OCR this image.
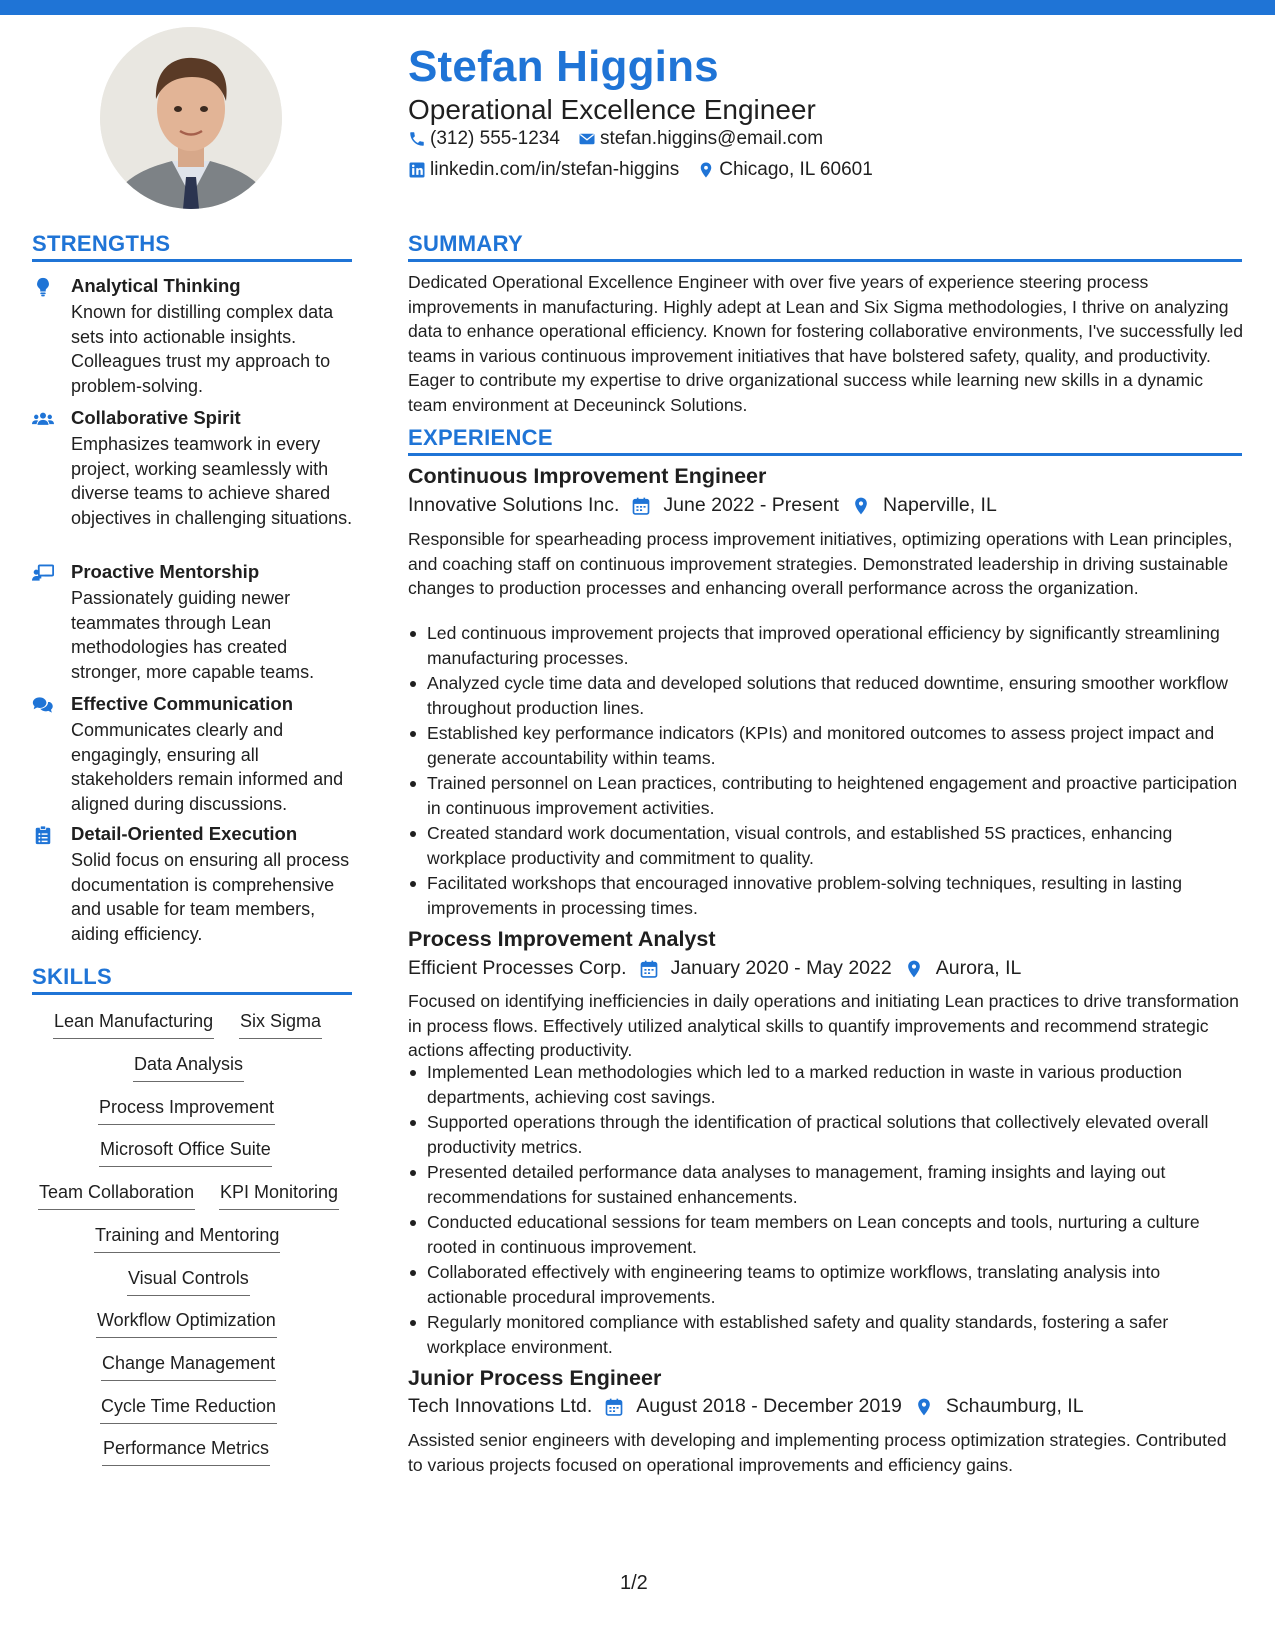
Stefan Higgins
Operational Excellence Engineer
(312) 555-1234 stefan.higgins@email.com
linkedin.com/in/stefan-higgins Chicago, IL 60601
STRENGTHS
Analytical Thinking
Known for distilling complex data sets into actionable insights. Colleagues trust my approach to problem-solving.
Collaborative Spirit
Emphasizes teamwork in every project, working seamlessly with diverse teams to achieve shared objectives in challenging situations.
Proactive Mentorship
Passionately guiding newer teammates through Lean methodologies has created stronger, more capable teams.
Effective Communication
Communicates clearly and engagingly, ensuring all stakeholders remain informed and aligned during discussions.
Detail-Oriented Execution
Solid focus on ensuring all process documentation is comprehensive and usable for team members, aiding efficiency.
SKILLS
Lean Manufacturing Six Sigma
Data Analysis
Process Improvement
Microsoft Office Suite
Team Collaboration KPI Monitoring
Training and Mentoring
Visual Controls
Workflow Optimization
Change Management
Cycle Time Reduction
Performance Metrics
SUMMARY
Dedicated Operational Excellence Engineer with over five years of experience steering process improvements in manufacturing. Highly adept at Lean and Six Sigma methodologies, I thrive on analyzing data to enhance operational efficiency. Known for fostering collaborative environments, I've successfully led teams in various continuous improvement initiatives that have bolstered safety, quality, and productivity. Eager to contribute my expertise to drive organizational success while learning new skills in a dynamic team environment at Deceuninck Solutions.
EXPERIENCE
Continuous Improvement Engineer
Innovative Solutions Inc. June 2022 - Present Naperville, IL
Responsible for spearheading process improvement initiatives, optimizing operations with Lean principles, and coaching staff on continuous improvement strategies. Demonstrated leadership in driving sustainable changes to production processes and enhancing overall performance across the organization.
Led continuous improvement projects that improved operational efficiency by significantly streamlining manufacturing processes.
Analyzed cycle time data and developed solutions that reduced downtime, ensuring smoother workflow throughout production lines.
Established key performance indicators (KPIs) and monitored outcomes to assess project impact and generate accountability within teams.
Trained personnel on Lean practices, contributing to heightened engagement and proactive participation in continuous improvement activities.
Created standard work documentation, visual controls, and established 5S practices, enhancing workplace productivity and commitment to quality.
Facilitated workshops that encouraged innovative problem-solving techniques, resulting in lasting improvements in processing times.
Process Improvement Analyst
Efficient Processes Corp. January 2020 - May 2022 Aurora, IL
Focused on identifying inefficiencies in daily operations and initiating Lean practices to drive transformation in process flows. Effectively utilized analytical skills to quantify improvements and recommend strategic actions affecting productivity.
Implemented Lean methodologies which led to a marked reduction in waste in various production departments, achieving cost savings.
Supported operations through the identification of practical solutions that collectively elevated overall productivity metrics.
Presented detailed performance data analyses to management, framing insights and laying out recommendations for sustained enhancements.
Conducted educational sessions for team members on Lean concepts and tools, nurturing a culture rooted in continuous improvement.
Collaborated effectively with engineering teams to optimize workflows, translating analysis into actionable procedural improvements.
Regularly monitored compliance with established safety and quality standards, fostering a safer workplace environment.
Junior Process Engineer
Tech Innovations Ltd. August 2018 - December 2019 Schaumburg, IL
Assisted senior engineers with developing and implementing process optimization strategies. Contributed to various projects focused on operational improvements and efficiency gains.
1/2
